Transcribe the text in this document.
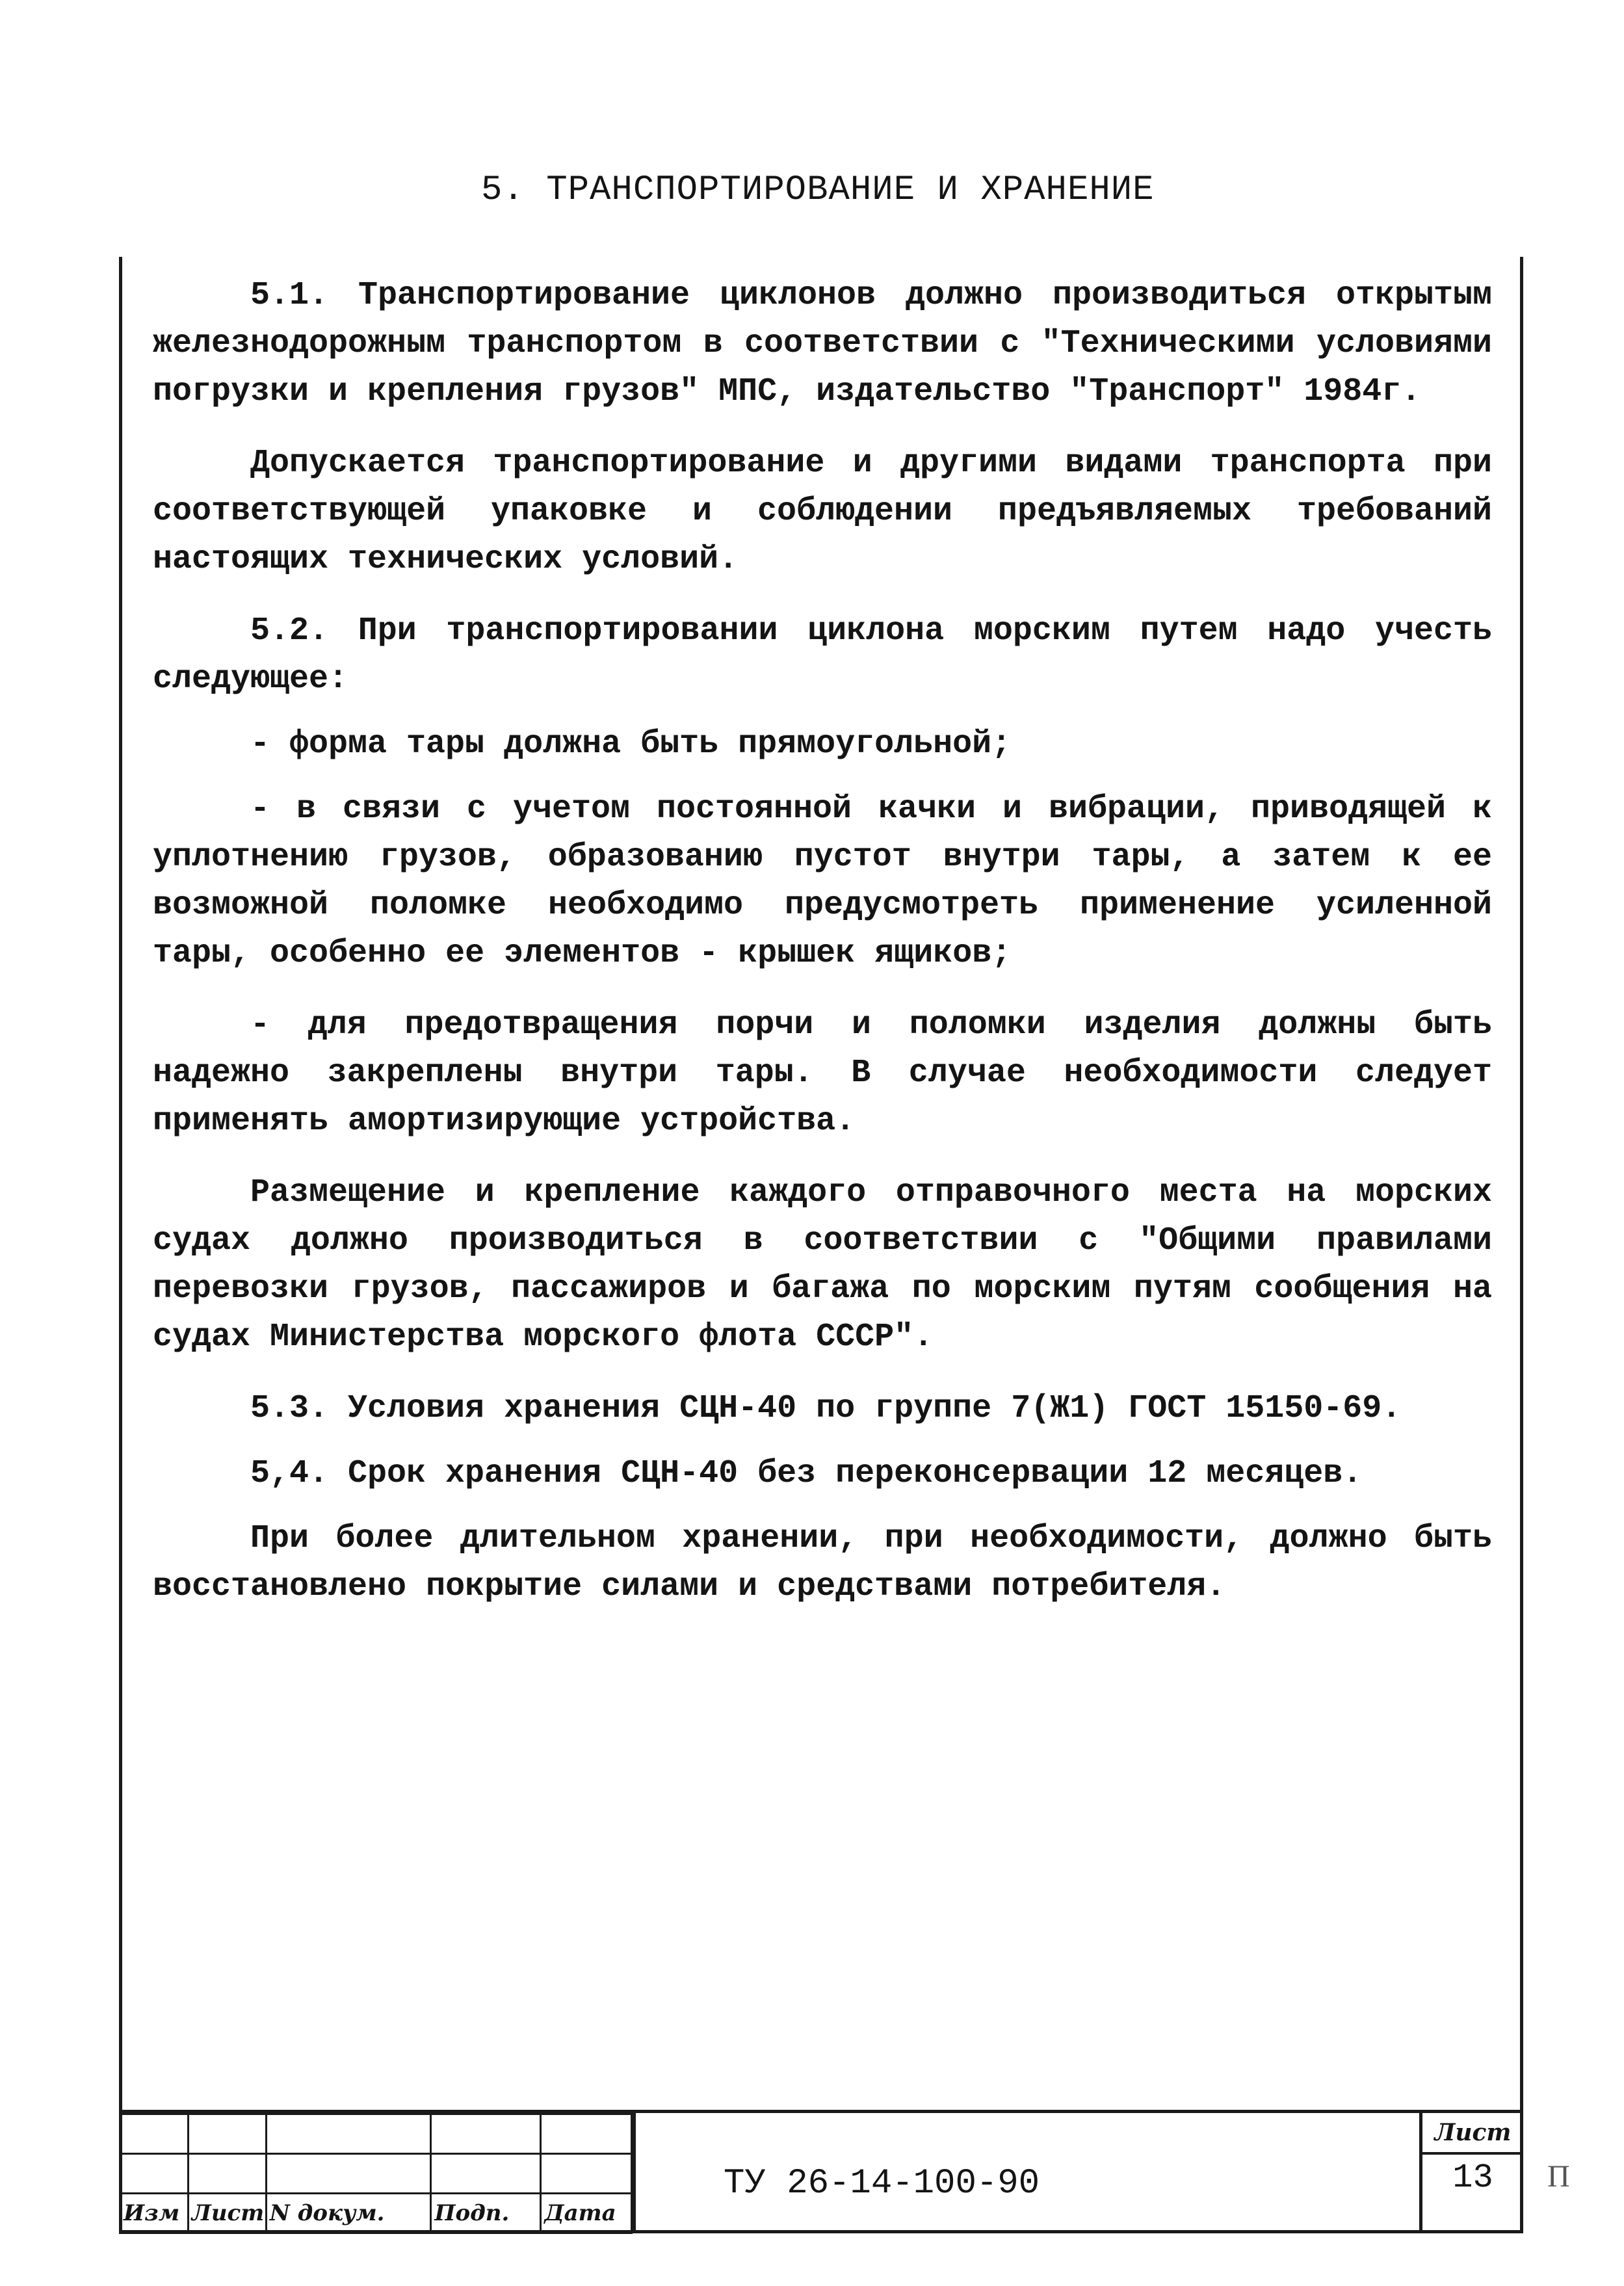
5. ТРАНСПОРТИРОВАНИЕ И ХРАНЕНИЕ

5.1. Транспортирование циклонов должно производиться открытым железнодорожным транспортом в соответствии с "Техническими условиями погрузки и крепления грузов" МПС, издательство "Транспорт" 1984г.

Допускается транспортирование и другими видами транспорта при соответствующей упаковке и соблюдении предъявляемых требований настоящих технических условий.

5.2. При транспортировании циклона морским путем надо учесть следующее:

- форма тары должна быть прямоугольной;

- в связи с учетом постоянной качки и вибрации, приводящей к уплотнению грузов, образованию пустот внутри тары, а затем к ее возможной поломке необходимо предусмотреть применение усиленной тары, особенно ее элементов - крышек ящиков;

- для предотвращения порчи и поломки изделия должны быть надежно закреплены внутри тары. В случае необходимости следует применять амортизирующие устройства.

Размещение и крепление каждого отправочного места на морских судах должно производиться в соответствии с "Общими правилами перевозки грузов, пассажиров и багажа по морским путям сообщения на судах Министерства морского флота СССР".

5.3. Условия хранения СЦН-40 по группе 7(Ж1) ГОСТ 15150-69.

5,4. Срок хранения СЦН-40 без переконсервации 12 месяцев.

При более длительном хранении, при необходимости, должно быть восстановлено покрытие силами и средствами потребителя.

Изм	Лист	N докум.	Подп.	Дата
ТУ 26-14-100-90
Лист
13	П
